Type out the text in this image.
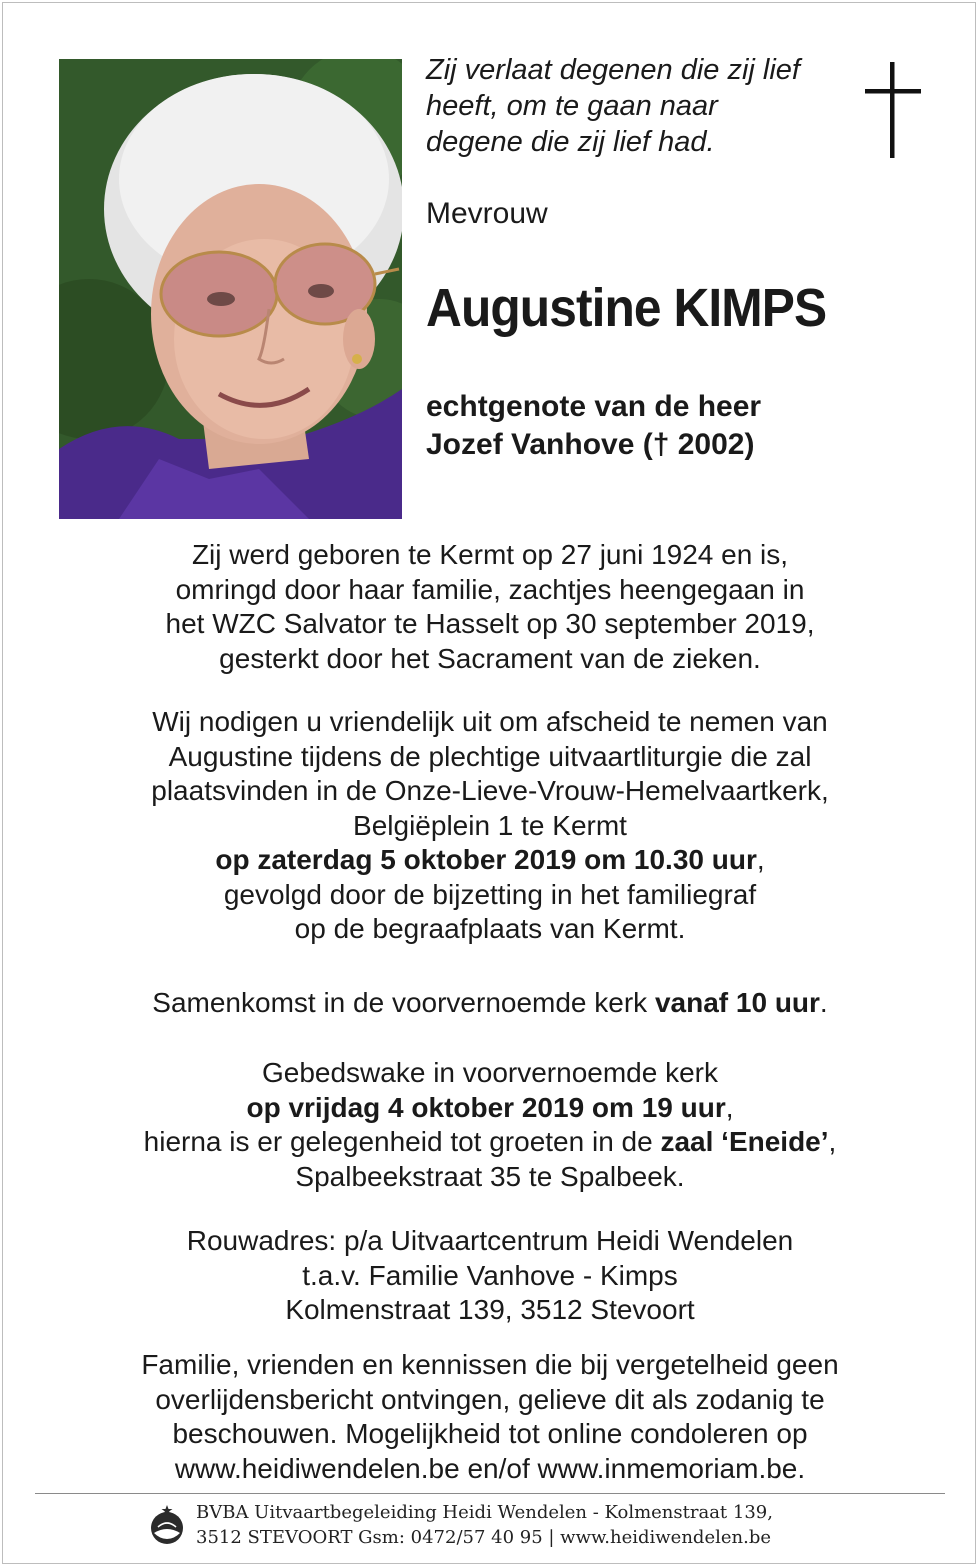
Zij verlaat degenen die zij lief
heeft, om te gaan naar
degene die zij lief had.
Mevrouw
Augustine KIMPS
echtgenote van de heer
Jozef Vanhove († 2002)
Zij werd geboren te Kermt op 27 juni 1924 en is,
omringd door haar familie, zachtjes heengegaan in
het WZC Salvator te Hasselt op 30 september 2019,
gesterkt door het Sacrament van de zieken.
Wij nodigen u vriendelijk uit om afscheid te nemen van
Augustine tijdens de plechtige uitvaartliturgie die zal
plaatsvinden in de Onze-Lieve-Vrouw-Hemelvaartkerk,
Belgiëplein 1 te Kermt
op zaterdag 5 oktober 2019 om 10.30 uur,
gevolgd door de bijzetting in het familiegraf
op de begraafplaats van Kermt.
Samenkomst in de voorvernoemde kerk vanaf 10 uur.
Gebedswake in voorvernoemde kerk
op vrijdag 4 oktober 2019 om 19 uur,
hierna is er gelegenheid tot groeten in de zaal ‘Eneide’,
Spalbeekstraat 35 te Spalbeek.
Rouwadres: p/a Uitvaartcentrum Heidi Wendelen
t.a.v. Familie Vanhove - Kimps
Kolmenstraat 139, 3512 Stevoort
Familie, vrienden en kennissen die bij vergetelheid geen
overlijdensbericht ontvingen, gelieve dit als zodanig te
beschouwen. Mogelijkheid tot online condoleren op
www.heidiwendelen.be en/of www.inmemoriam.be.
BVBA Uitvaartbegeleiding Heidi Wendelen - Kolmenstraat 139,
3512 STEVOORT Gsm: 0472/57 40 95 | www.heidiwendelen.be
